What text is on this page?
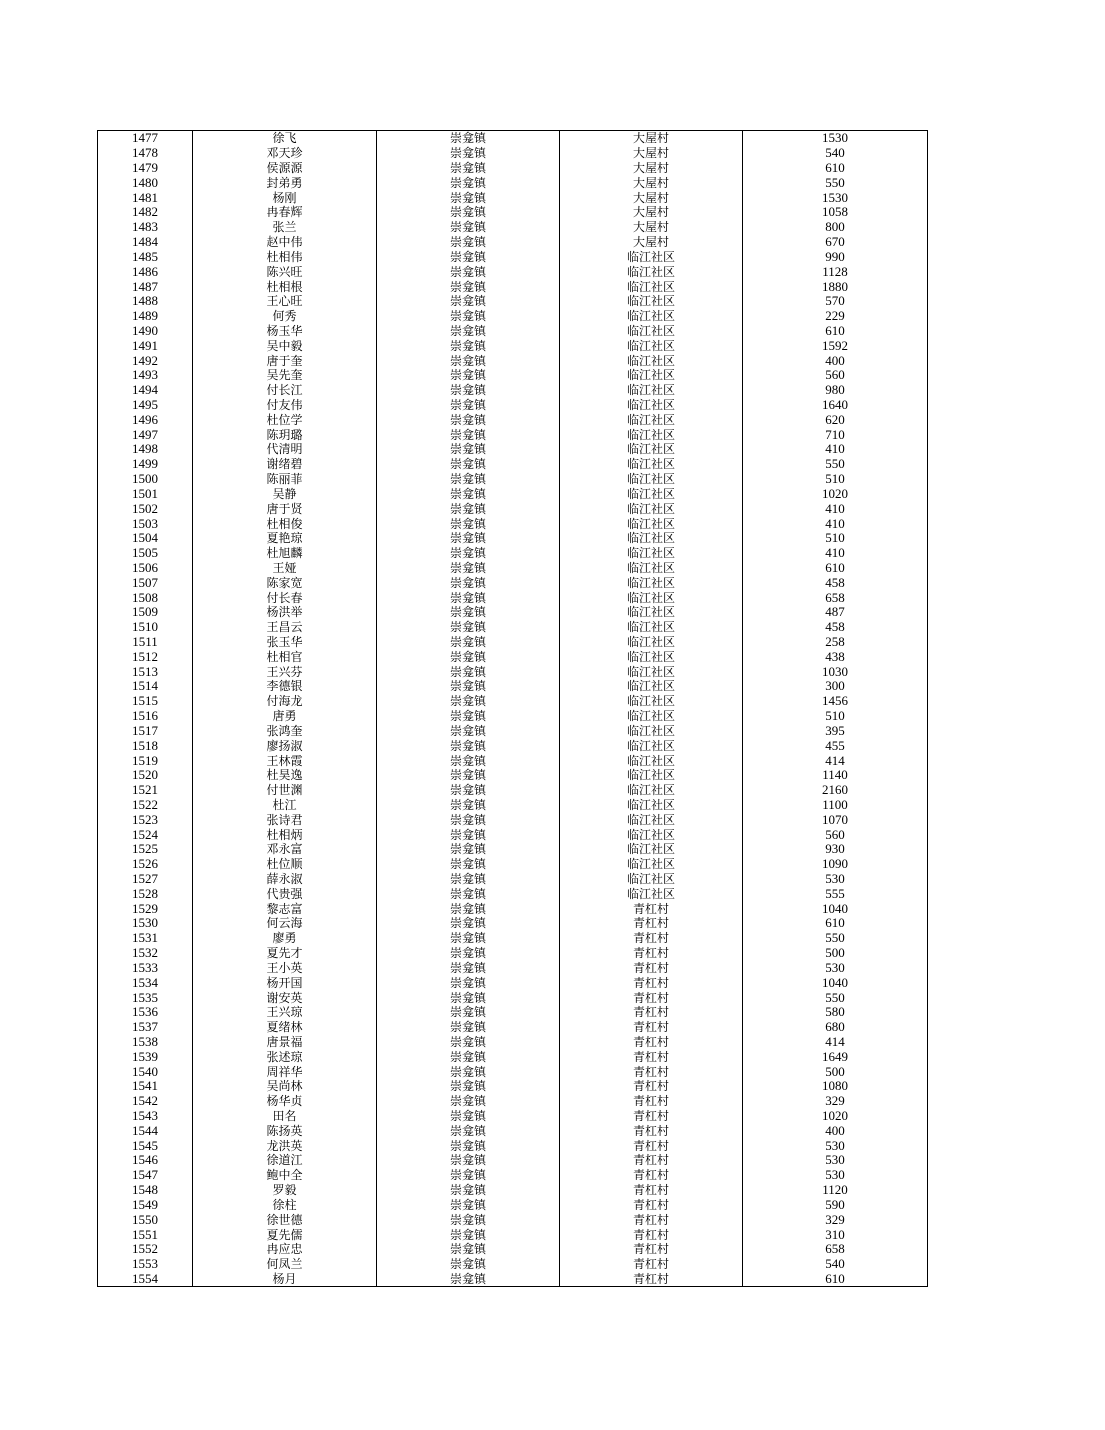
1477	徐飞	崇龛镇	大屋村	1530
1478	邓天珍	崇龛镇	大屋村	540
1479	侯源源	崇龛镇	大屋村	610
1480	封弟勇	崇龛镇	大屋村	550
1481	杨刚	崇龛镇	大屋村	1530
1482	冉春辉	崇龛镇	大屋村	1058
1483	张兰	崇龛镇	大屋村	800
1484	赵中伟	崇龛镇	大屋村	670
1485	杜相伟	崇龛镇	临江社区	990
1486	陈兴旺	崇龛镇	临江社区	1128
1487	杜相根	崇龛镇	临江社区	1880
1488	王心旺	崇龛镇	临江社区	570
1489	何秀	崇龛镇	临江社区	229
1490	杨玉华	崇龛镇	临江社区	610
1491	吴中毅	崇龛镇	临江社区	1592
1492	唐于奎	崇龛镇	临江社区	400
1493	吴先奎	崇龛镇	临江社区	560
1494	付长江	崇龛镇	临江社区	980
1495	付友伟	崇龛镇	临江社区	1640
1496	杜位学	崇龛镇	临江社区	620
1497	陈玥璐	崇龛镇	临江社区	710
1498	代清明	崇龛镇	临江社区	410
1499	谢绪碧	崇龛镇	临江社区	550
1500	陈丽菲	崇龛镇	临江社区	510
1501	吴静	崇龛镇	临江社区	1020
1502	唐于贤	崇龛镇	临江社区	410
1503	杜相俊	崇龛镇	临江社区	410
1504	夏艳琼	崇龛镇	临江社区	510
1505	杜旭麟	崇龛镇	临江社区	410
1506	王娅	崇龛镇	临江社区	610
1507	陈家宽	崇龛镇	临江社区	458
1508	付长春	崇龛镇	临江社区	658
1509	杨洪举	崇龛镇	临江社区	487
1510	王昌云	崇龛镇	临江社区	458
1511	张玉华	崇龛镇	临江社区	258
1512	杜相官	崇龛镇	临江社区	438
1513	王兴芬	崇龛镇	临江社区	1030
1514	李德银	崇龛镇	临江社区	300
1515	付海龙	崇龛镇	临江社区	1456
1516	唐勇	崇龛镇	临江社区	510
1517	张鸿奎	崇龛镇	临江社区	395
1518	廖扬淑	崇龛镇	临江社区	455
1519	王林霞	崇龛镇	临江社区	414
1520	杜昊逸	崇龛镇	临江社区	1140
1521	付世渊	崇龛镇	临江社区	2160
1522	杜江	崇龛镇	临江社区	1100
1523	张诗君	崇龛镇	临江社区	1070
1524	杜相炳	崇龛镇	临江社区	560
1525	邓永富	崇龛镇	临江社区	930
1526	杜位顺	崇龛镇	临江社区	1090
1527	薛永淑	崇龛镇	临江社区	530
1528	代贵强	崇龛镇	临江社区	555
1529	黎志富	崇龛镇	青杠村	1040
1530	何云海	崇龛镇	青杠村	610
1531	廖勇	崇龛镇	青杠村	550
1532	夏先才	崇龛镇	青杠村	500
1533	王小英	崇龛镇	青杠村	530
1534	杨开国	崇龛镇	青杠村	1040
1535	谢安英	崇龛镇	青杠村	550
1536	王兴琼	崇龛镇	青杠村	580
1537	夏绪林	崇龛镇	青杠村	680
1538	唐景福	崇龛镇	青杠村	414
1539	张述琼	崇龛镇	青杠村	1649
1540	周祥华	崇龛镇	青杠村	500
1541	吴尚林	崇龛镇	青杠村	1080
1542	杨华贞	崇龛镇	青杠村	329
1543	田名	崇龛镇	青杠村	1020
1544	陈扬英	崇龛镇	青杠村	400
1545	龙洪英	崇龛镇	青杠村	530
1546	徐道江	崇龛镇	青杠村	530
1547	鲍中全	崇龛镇	青杠村	530
1548	罗毅	崇龛镇	青杠村	1120
1549	徐柱	崇龛镇	青杠村	590
1550	徐世德	崇龛镇	青杠村	329
1551	夏先儒	崇龛镇	青杠村	310
1552	冉应忠	崇龛镇	青杠村	658
1553	何凤兰	崇龛镇	青杠村	540
1554	杨月	崇龛镇	青杠村	610
